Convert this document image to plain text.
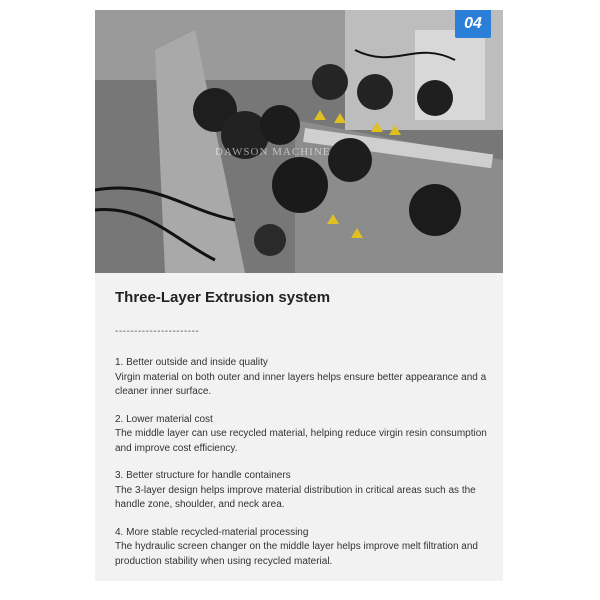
04
DAWSON MACHINE
Three-Layer Extrusion system
----------------------
1. Better outside and inside quality
Virgin material on both outer and inner layers helps ensure better appearance and a cleaner inner surface.
2. Lower material cost
The middle layer can use recycled material, helping reduce virgin resin consumption and improve cost efficiency.
3. Better structure for handle containers
The 3-layer design helps improve material distribution in critical areas such as the handle zone, shoulder, and neck area.
4. More stable recycled-material processing
The hydraulic screen changer on the middle layer helps improve melt filtration and production stability when using recycled material.
